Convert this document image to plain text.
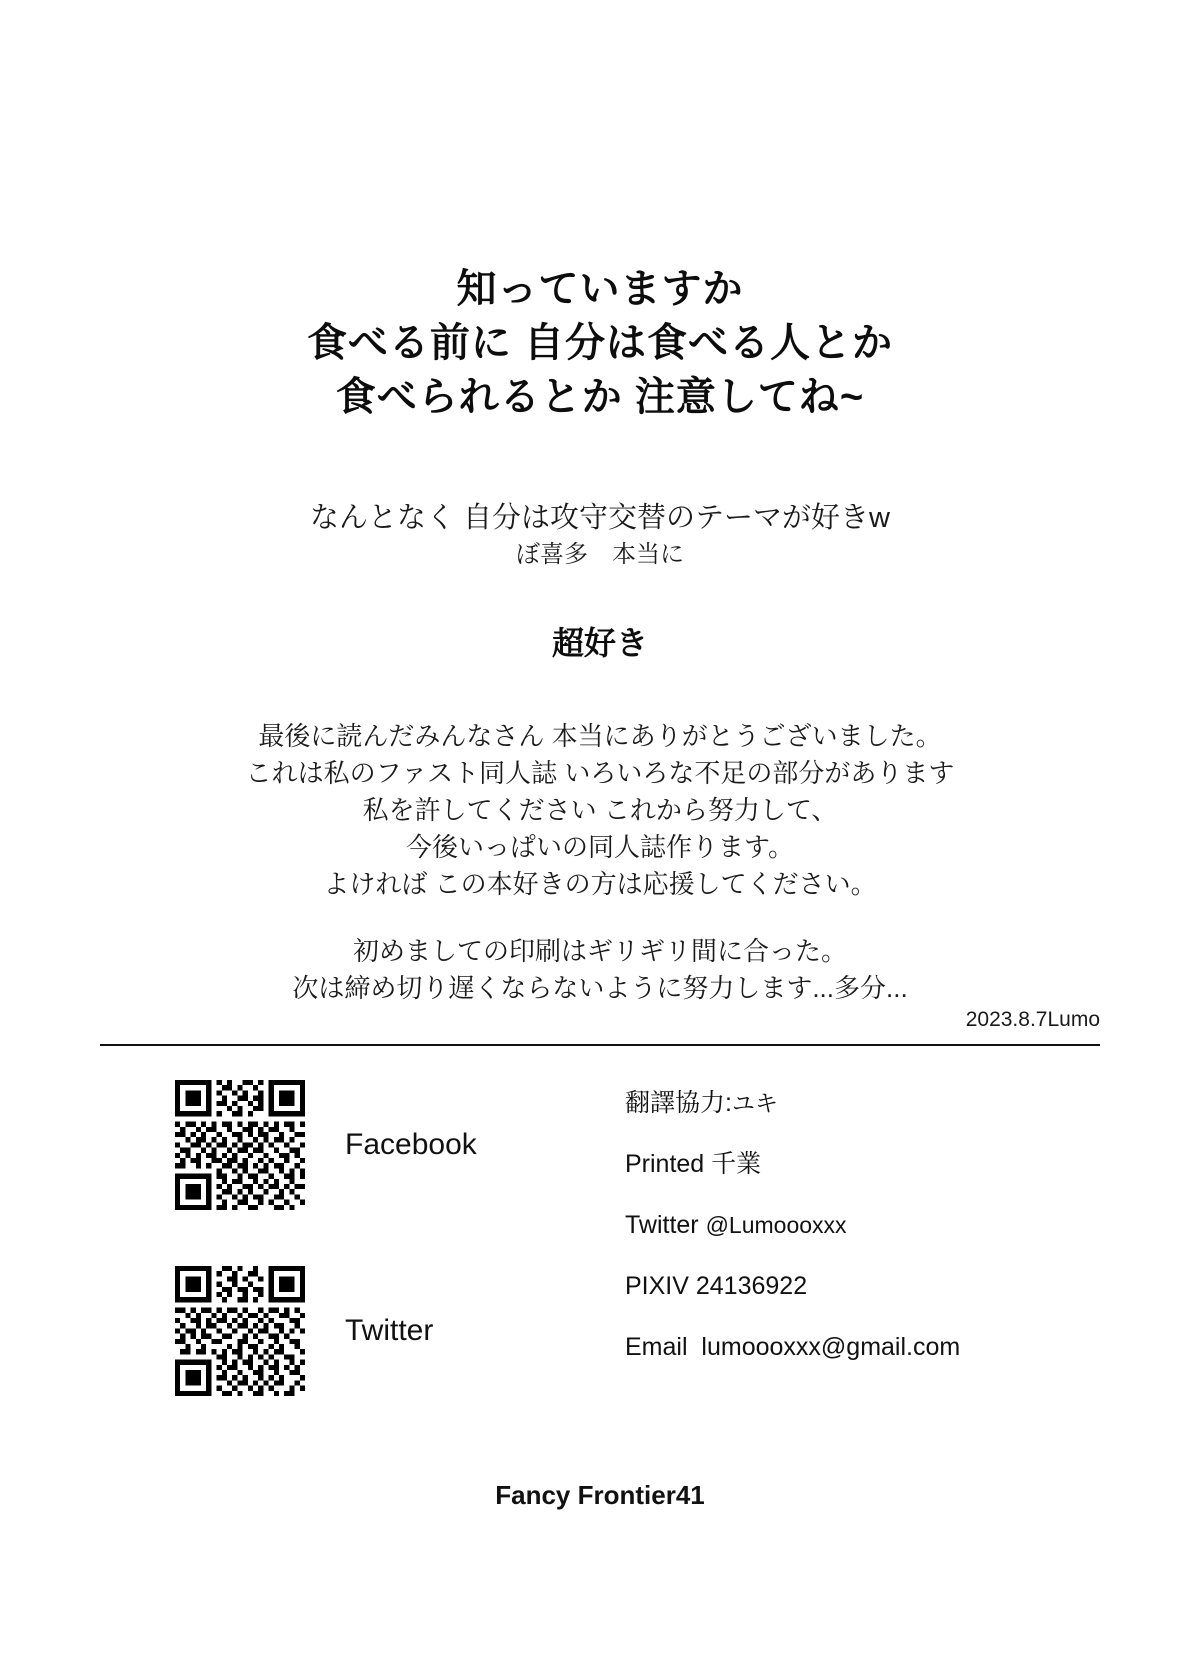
知っていますか
食べる前に 自分は食べる人とか
食べられるとか 注意してね~
なんとなく 自分は攻守交替のテーマが好きw
ぼ喜多　本当に
超好き
最後に読んだみんなさん 本当にありがとうございました。
これは私のファスト同人誌 いろいろな不足の部分があります
私を許してください これから努力して、
今後いっぱいの同人誌作ります。
よければ この本好きの方は応援してください。
初めましての印刷はギリギリ間に合った。
次は締め切り遅くならないように努力します...多分...
2023.8.7Lumo
Facebook
Twitter
翻譯協力:ユキ
Printed 千業
Twitter @Lumoooxxx
PIXIV 24136922
Email lumoooxxx@gmail.com
Fancy Frontier41
